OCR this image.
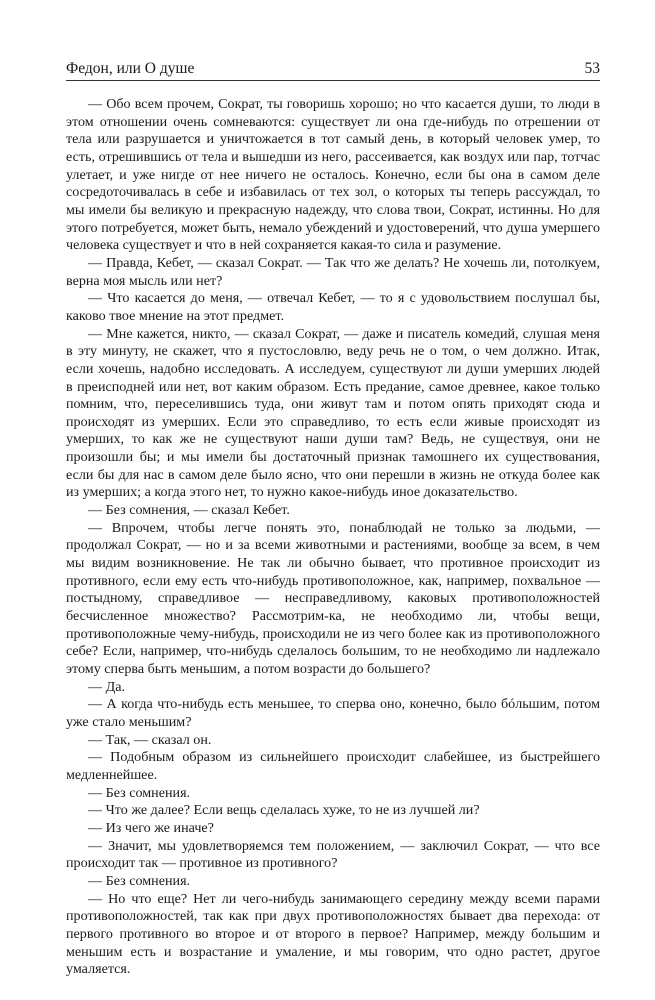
Федон, или О душе	53

— Обо всем прочем, Сократ, ты говоришь хорошо; но что касается души, то люди в этом отношении очень сомневаются: существует ли она где-нибудь по отрешении от тела или разрушается и уничтожается в тот самый день, в который человек умер, то есть, отрешившись от тела и вышедши из него, рассеивается, как воздух или пар, тотчас улетает, и уже нигде от нее ничего не осталось. Конечно, если бы она в самом деле сосредоточивалась в себе и избавилась от тех зол, о которых ты теперь рассуждал, то мы имели бы великую и прекрасную надежду, что слова твои, Сократ, истинны. Но для этого потребуется, может быть, немало убеждений и удостоверений, что душа умершего человека существует и что в ней сохраняется какая-то сила и разумение.

— Правда, Кебет, — сказал Сократ. — Так что же делать? Не хочешь ли, потолкуем, верна моя мысль или нет?

— Что касается до меня, — отвечал Кебет, — то я с удовольствием послушал бы, каково твое мнение на этот предмет.

— Мне кажется, никто, — сказал Сократ, — даже и писатель комедий, слушая меня в эту минуту, не скажет, что я пустословлю, веду речь не о том, о чем должно. Итак, если хочешь, надобно исследовать. А исследуем, существуют ли души умерших людей в преисподней или нет, вот каким образом. Есть предание, самое древнее, какое только помним, что, переселившись туда, они живут там и потом опять приходят сюда и происходят из умерших. Если это справедливо, то есть если живые происходят из умерших, то как же не существуют наши души там? Ведь, не существуя, они не произошли бы; и мы имели бы достаточный признак тамошнего их существования, если бы для нас в самом деле было ясно, что они перешли в жизнь не откуда более как из умерших; а когда этого нет, то нужно какое-нибудь иное доказательство.

— Без сомнения, — сказал Кебет.

— Впрочем, чтобы легче понять это, понаблюдай не только за людьми, — продолжал Сократ, — но и за всеми животными и растениями, вообще за всем, в чем мы видим возникновение. Не так ли обычно бывает, что противное происходит из противного, если ему есть что-нибудь противоположное, как, например, похвальное — постыдному, справедливое — несправедливому, каковых противоположностей бесчисленное множество? Рассмотрим-ка, не необходимо ли, чтобы вещи, противоположные чему-нибудь, происходили не из чего более как из противоположного себе? Если, например, что-нибудь сделалось большим, то не необходимо ли надлежало этому сперва быть меньшим, а потом возрасти до большего?

— Да.

— А когда что-нибудь есть меньшее, то сперва оно, конечно, было бóльшим, потом уже стало меньшим?

— Так, — сказал он.

— Подобным образом из сильнейшего происходит слабейшее, из быстрейшего медленнейшее.

— Без сомнения.

— Что же далее? Если вещь сделалась хуже, то не из лучшей ли?

— Из чего же иначе?

— Значит, мы удовлетворяемся тем положением, — заключил Сократ, — что все происходит так — противное из противного?

— Без сомнения.

— Но что еще? Нет ли чего-нибудь занимающего середину между всеми парами противоположностей, так как при двух противоположностях бывает два перехода: от первого противного во второе и от второго в первое? Например, между большим и меньшим есть и возрастание и умаление, и мы говорим, что одно растет, другое умаляется.
